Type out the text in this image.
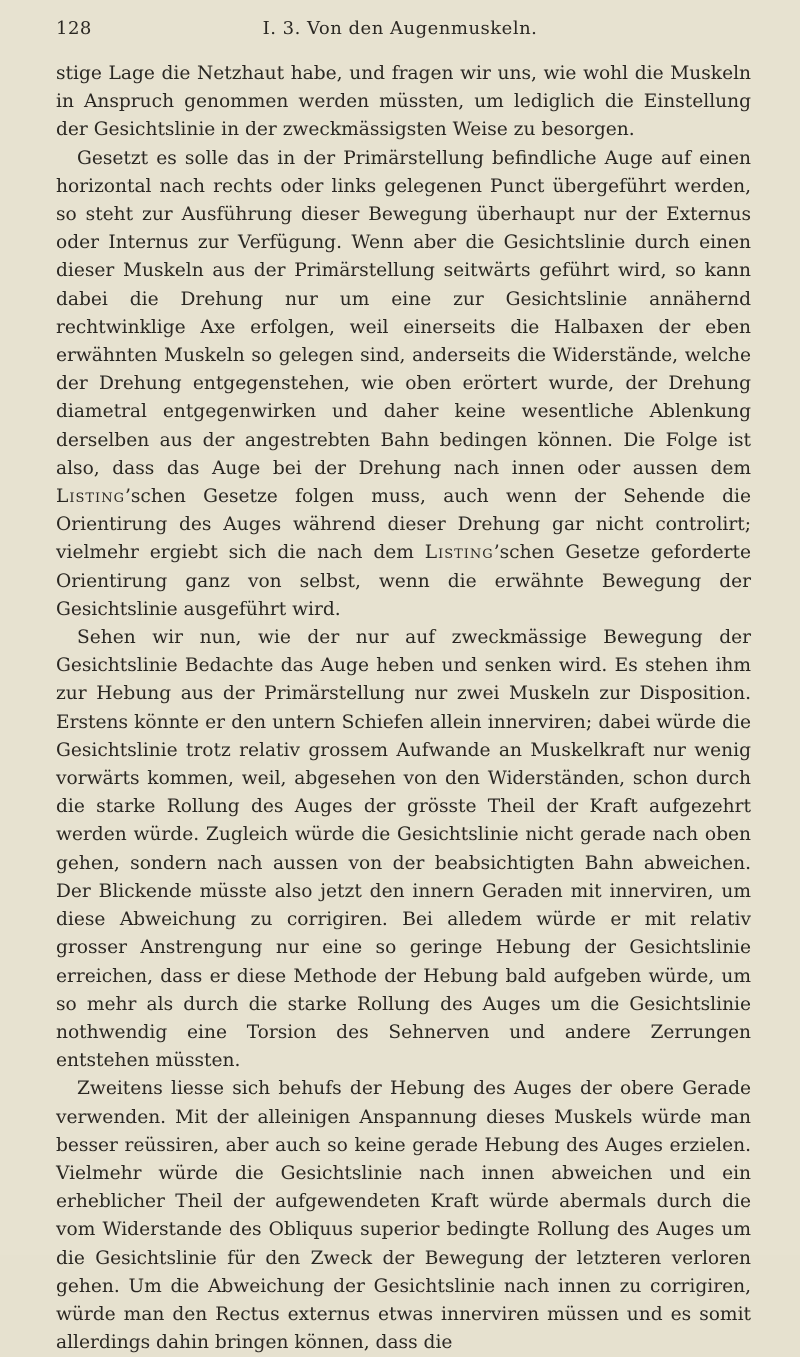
128	I. 3. Von den Augenmuskeln.

stige Lage die Netzhaut habe, und fragen wir uns, wie wohl die Muskeln in Anspruch genommen werden müssten, um lediglich die Einstellung der Gesichtslinie in der zweckmässigsten Weise zu besorgen.

Gesetzt es solle das in der Primärstellung befindliche Auge auf einen horizontal nach rechts oder links gelegenen Punct übergeführt werden, so steht zur Ausführung dieser Bewegung überhaupt nur der Externus oder Internus zur Verfügung. Wenn aber die Gesichtslinie durch einen dieser Muskeln aus der Primärstellung seitwärts geführt wird, so kann dabei die Drehung nur um eine zur Gesichtslinie annähernd rechtwinklige Axe erfolgen, weil einerseits die Halbaxen der eben erwähnten Muskeln so gelegen sind, anderseits die Widerstände, welche der Drehung entgegenstehen, wie oben erörtert wurde, der Drehung diametral entgegenwirken und daher keine wesentliche Ablenkung derselben aus der angestrebten Bahn bedingen können. Die Folge ist also, dass das Auge bei der Drehung nach innen oder aussen dem Listing’schen Gesetze folgen muss, auch wenn der Sehende die Orientirung des Auges während dieser Drehung gar nicht controlirt; vielmehr ergiebt sich die nach dem Listing’schen Gesetze geforderte Orientirung ganz von selbst, wenn die erwähnte Bewegung der Gesichtslinie ausgeführt wird.

Sehen wir nun, wie der nur auf zweckmässige Bewegung der Gesichtslinie Bedachte das Auge heben und senken wird. Es stehen ihm zur Hebung aus der Primärstellung nur zwei Muskeln zur Disposition. Erstens könnte er den untern Schiefen allein innerviren; dabei würde die Gesichtslinie trotz relativ grossem Aufwande an Muskelkraft nur wenig vorwärts kommen, weil, abgesehen von den Widerständen, schon durch die starke Rollung des Auges der grösste Theil der Kraft aufgezehrt werden würde. Zugleich würde die Gesichtslinie nicht gerade nach oben gehen, sondern nach aussen von der beabsichtigten Bahn abweichen. Der Blickende müsste also jetzt den innern Geraden mit innerviren, um diese Abweichung zu corrigiren. Bei alledem würde er mit relativ grosser Anstrengung nur eine so geringe Hebung der Gesichtslinie erreichen, dass er diese Methode der Hebung bald aufgeben würde, um so mehr als durch die starke Rollung des Auges um die Gesichtslinie nothwendig eine Torsion des Sehnerven und andere Zerrungen entstehen müssten.

Zweitens liesse sich behufs der Hebung des Auges der obere Gerade verwenden. Mit der alleinigen Anspannung dieses Muskels würde man besser reüssiren, aber auch so keine gerade Hebung des Auges erzielen. Vielmehr würde die Gesichtslinie nach innen abweichen und ein erheblicher Theil der aufgewendeten Kraft würde abermals durch die vom Widerstande des Obliquus superior bedingte Rollung des Auges um die Gesichtslinie für den Zweck der Bewegung der letzteren verloren gehen. Um die Abweichung der Gesichtslinie nach innen zu corrigiren, würde man den Rectus externus etwas innerviren müssen und es somit allerdings dahin bringen können, dass die
